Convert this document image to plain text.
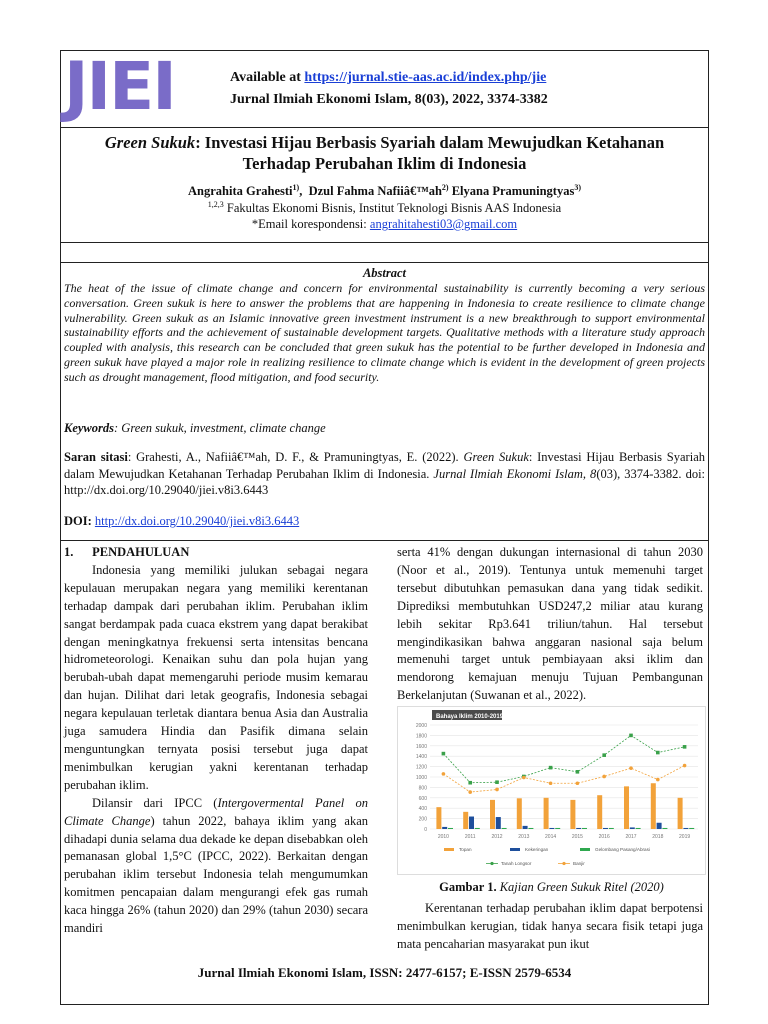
JIEI	Available at https://jurnal.stie-aas.ac.id/index.php/jie
Jurnal Ilmiah Ekonomi Islam, 8(03), 2022, 3374-3382
Green Sukuk: Investasi Hijau Berbasis Syariah dalam Mewujudkan Ketahanan
Terhadap Perubahan Iklim di Indonesia
Angrahita Grahesti$^{1)}$,  Dzul Fahma $Nafiiâ€™ah^{2)}$ Elyana Pramuningtyas$^{3)}$
$^{1,2,3}$ Fakultas Ekonomi Bisnis, Institut Teknologi Bisnis AAS Indonesia
*Email korespondensi: angrahitahesti03@gmail.com
Abstract
The heat of the issue of climate change and concern for environmental sustainability is currently becoming a very serious conversation. Green sukuk is here to answer the problems that are happening in Indonesia to create resilience to climate change vulnerability. Green sukuk as an Islamic innovative green investment instrument is a new breakthrough to support environmental sustainability efforts and the achievement of sustainable development targets. Qualitative methods with a literature study approach coupled with analysis, this research can be concluded that green sukuk has the potential to be further developed in Indonesia and green sukuk have played a major role in realizing resilience to climate change which is evident in the development of green projects such as drought management, flood mitigation, and food security.
Keywords: Green sukuk, investment, climate change
Saran sitasi: Grahesti, A., Nafiiâ€™ah, D. F., & Pramuningtyas, E. (2022). Green Sukuk: Investasi Hijau Berbasis Syariah dalam Mewujudkan Ketahanan Terhadap Perubahan Iklim di Indonesia. Jurnal Ilmiah Ekonomi Islam, 8(03), 3374-3382. doi: http://dx.doi.org/10.29040/jiei.v8i3.6443
DOI: http://dx.doi.org/10.29040/jiei.v8i3.6443

1. PENDAHULUAN

Indonesia yang memiliki julukan sebagai negara kepulauan merupakan negara yang memiliki kerentanan terhadap dampak dari perubahan iklim. Perubahan iklim sangat berdampak pada cuaca ekstrem yang dapat berakibat dengan meningkatnya frekuensi serta intensitas bencana hidrometeorologi. Kenaikan suhu dan pola hujan yang berubah-ubah dapat memengaruhi periode musim kemarau dan hujan. Dilihat dari letak geografis, Indonesia sebagai negara kepulauan terletak diantara benua Asia dan Australia juga samudera Hindia dan Pasifik dimana selain menguntungkan ternyata posisi tersebut juga dapat menimbulkan kerugian yakni kerentanan terhadap perubahan iklim.

Dilansir dari IPCC (Intergovermental Panel on Climate Change) tahun 2022, bahaya iklim yang akan dihadapi dunia selama dua dekade ke depan disebabkan oleh pemanasan global 1,5°C (IPCC, 2022). Berkaitan dengan perubahan iklim tersebut Indonesia telah mengumumkan komitmen pencapaian dalam mengurangi efek gas rumah kaca hingga 26% (tahun 2020) dan 29% (tahun 2030) secara mandiri

serta 41% dengan dukungan internasional di tahun 2030 (Noor et al., 2019). Tentunya untuk memenuhi target tersebut dibutuhkan pemasukan dana yang tidak sedikit. Diprediksi membutuhkan USD247,2 miliar atau kurang lebih sekitar Rp3.641 triliun/tahun. Hal tersebut mengindikasikan bahwa anggaran nasional saja belum memenuhi target untuk pembiayaan aksi iklim dan mendorong kemajuan menuju Tujuan Pembangunan Berkelanjutan (Suwanan et al., 2022).

Bahaya Iklim 2010-2019
0
200
400
600
800
1000
1200
1400
1600
1800
2000
2010	2011	2012	2013	2014	2015	2016	2017	2018	2019
Topan	Kekeringan	Gelombang Pasang/Abrasi
Tanah Longsor	Banjir
Gambar 1. Kajian Green Sukuk Ritel (2020)

Kerentanan terhadap perubahan iklim dapat berpotensi menimbulkan kerugian, tidak hanya secara fisik tetapi juga mata pencaharian masyarakat pun ikut

Jurnal Ilmiah Ekonomi Islam, ISSN: 2477-6157; E-ISSN 2579-6534
